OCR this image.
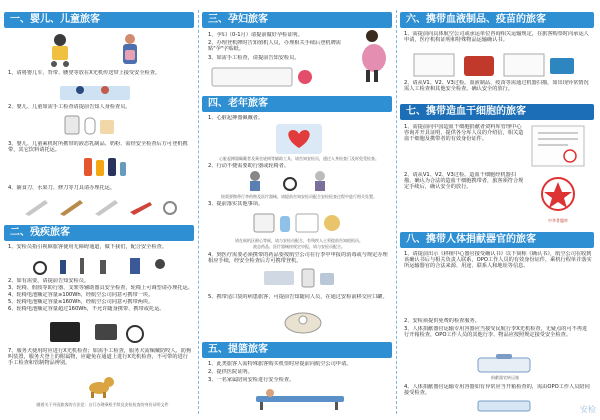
一、婴儿、儿童旅客
1、请将婴儿车、背带、腰凳等放在X光机传送带上接受安全检查。
2、婴儿、儿童如需手工检查请提前告知人身检查员。
3、婴儿、儿童乘机时所携带的液态乳制品、奶粉、需经安全检查后方可登机携带，其它饮料请托运。
4、铺食刀、水果刀、修刀等刀具请办理托运。
二、残疾旅客
1、安检员指引视障旅客使用无障碍通道，做下我们，配合安全检查。
2、如有需要，请提前告知安检员。
3、轮椅、假肢等助行器、支架等辅助器具安全检查，轮椅上可调型请办理托运。
4、轮椅电池额定容量≥100Wh，经航空公司同意可携带一块。
5、轮椅电池额定容量≤160Wh，经航空公司同意可携带两块。
6、轮椅电池额定容量超过160Wh，不允许随身携带、携带或托运。
7、服务犬使用时应进行X光机检查；如需手工检查，服务犬需佩戴防咬人、防狗叫装置，服务犬登上的附属物，应避免在通道上进行X光机检查，不可带的进行手工检查和管制物品辨别。
随着关于外国旅客的方法论：自行办理乘机手续及安检检查的身份证明文件
三、孕妇旅客
1、孕妇（0-1月）请提前做好孕检证明。
2、办理登机牌时告知值机人员，办理相关手续后登机牌需贴"孕"字贴纸。
3、如需手工检查，请提前告知安检员。
四、老年旅客
1、心脏起搏器佩戴者。
心脏起搏器佩戴者及乘坐轮椅等辅助工具，请告知安检员，通过人身检查门及时免受检查。
2、行动不便需要助行器或轮椅者。
按需要携带行李药物及医疗器械，请提前告知安检员配合安检检查过程中进行相关处置。
3、提前落实其他事项。
请在候机区耐心等候，请与安检员配合，有残疾人士须提前告知值机员。
液态药品、医疗器械按规定申报，请与安检员配合。
4、到医疗需要必须携带的药品要按航空公司在行李中申报的消毒或与规定办理相应手续，经安全检查后方可携带登机。
5、携带适口袋的病患旅客，可提前告知随同人员，在通过安检前移交应口罐。
五、提篮旅客
1、此类旅客人需特殊旅客购买机票时应提前向航空公司申请。
2、提供医院证明。
3、一名家属陪同安检进行安全检查。
六、携带血液制品、疫苗的旅客
1、需提前向具体航空公司或承运单位咨询相关运输规定，在旅客购票时向承运人申请，医疗机构证明和特殊物品运输确认书。
2、请从V1、V2、V3过检。血液制品、疫苗等需通过机器扫描，如出现异常情况需人工检查和其他安全检查。确认安全的放行。
七、携带造血干细胞的旅客
1、需提前向中国造血干细胞捐献者资料库管理中心咨询并开具证明，提供各分库人员的介绍信，相关造血干细胞及携带者的有效身份证件。
2、请从V1、V2、V3过检。造血干细胞经机器扫描，确认为合法的造血干细胞携带者，旅客须符合规定手续后，确认安全的放行。
中华骨髓库
八、携带人体捐献器官的旅客
1、请提前出示《移植中心器官接受确认书》以下简称《确认书》，航空公司在收到该确认书后与相关负责人联系，OPO工作人员的有效身份证件，乘机行程单并落实所运输器官的合法来源、用途、联系人和地址等信息。
2、安检须提供免费的检查服务。
3、人体捐献器官运输专用容器应当接受民航行李X光机检查，无疑点的可不再进行开箱检查，OPO工作人员的其他行李、物品应按照规定接受安全检查。
捐献器官转运箱
4、人体捐献器官运输专用容器如有异常应当开箱检查的，需由OPO工作人员陪同接受检查。
安检
